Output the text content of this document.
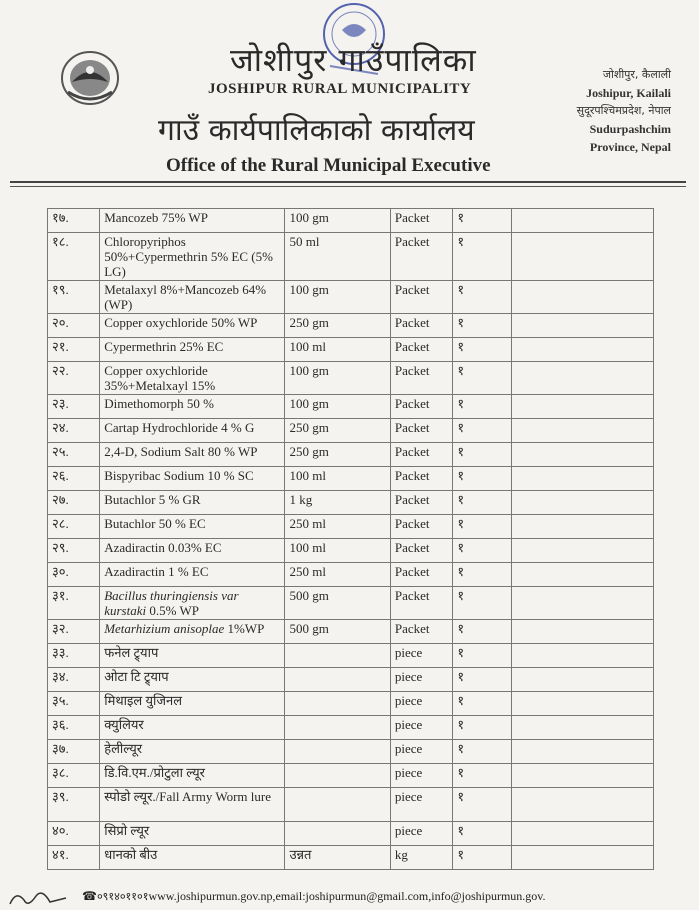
जोशीपुर गाउँपालिका
JOSHIPUR RURAL MUNICIPALITY
गाउँ कार्यपालिकाको कार्यालय
Office of the Rural Municipal Executive
जोशीपुर, कैलाली
Joshipur, Kailali
सुदूरपश्चिमप्रदेश, नेपाल
Sudurpashchim
Province, Nepal
१७.	Mancozeb 75% WP	100 gm	Packet	१	
१८.	Chloropyriphos 50%+Cypermethrin 5% EC (5% LG)	50 ml	Packet	१	
१९.	Metalaxyl 8%+Mancozeb 64% (WP)	100 gm	Packet	१	
२०.	Copper oxychloride 50% WP	250 gm	Packet	१	
२१.	Cypermethrin 25% EC	100 ml	Packet	१	
२२.	Copper oxychloride 35%+Metalxayl 15%	100 gm	Packet	१	
२३.	Dimethomorph 50 %	100 gm	Packet	१	
२४.	Cartap Hydrochloride 4 % G	250 gm	Packet	१	
२५.	2,4-D, Sodium Salt 80 % WP	250 gm	Packet	१	
२६.	Bispyribac Sodium 10 % SC	100 ml	Packet	१	
२७.	Butachlor 5 % GR	1 kg	Packet	१	
२८.	Butachlor 50 % EC	250 ml	Packet	१	
२९.	Azadiractin 0.03% EC	100 ml	Packet	१	
३०.	Azadiractin 1 % EC	250 ml	Packet	१	
३१.	Bacillus thuringiensis var kurstaki 0.5% WP	500 gm	Packet	१	
३२.	Metarhizium anisoplae 1%WP	500 gm	Packet	१	
३३.	फनेल ट्र्याप		piece	१	
३४.	ओटा टि ट्र्याप		piece	१	
३५.	मिथाइल युजिनल		piece	१	
३६.	क्युलियर		piece	१	
३७.	हेलील्यूर		piece	१	
३८.	डि.वि.एम./प्रोटुला ल्यूर		piece	१	
३९.	स्पोडो ल्यूर./Fall Army Worm lure		piece	१	
४०.	सिप्रो ल्यूर		piece	१	
४१.	धानको बीउ	उन्नत	kg	१	
☎०९१४०११०१www.joshipurmun.gov.np,email:joshipurmun@gmail.com,info@joshipurmun.gov.
